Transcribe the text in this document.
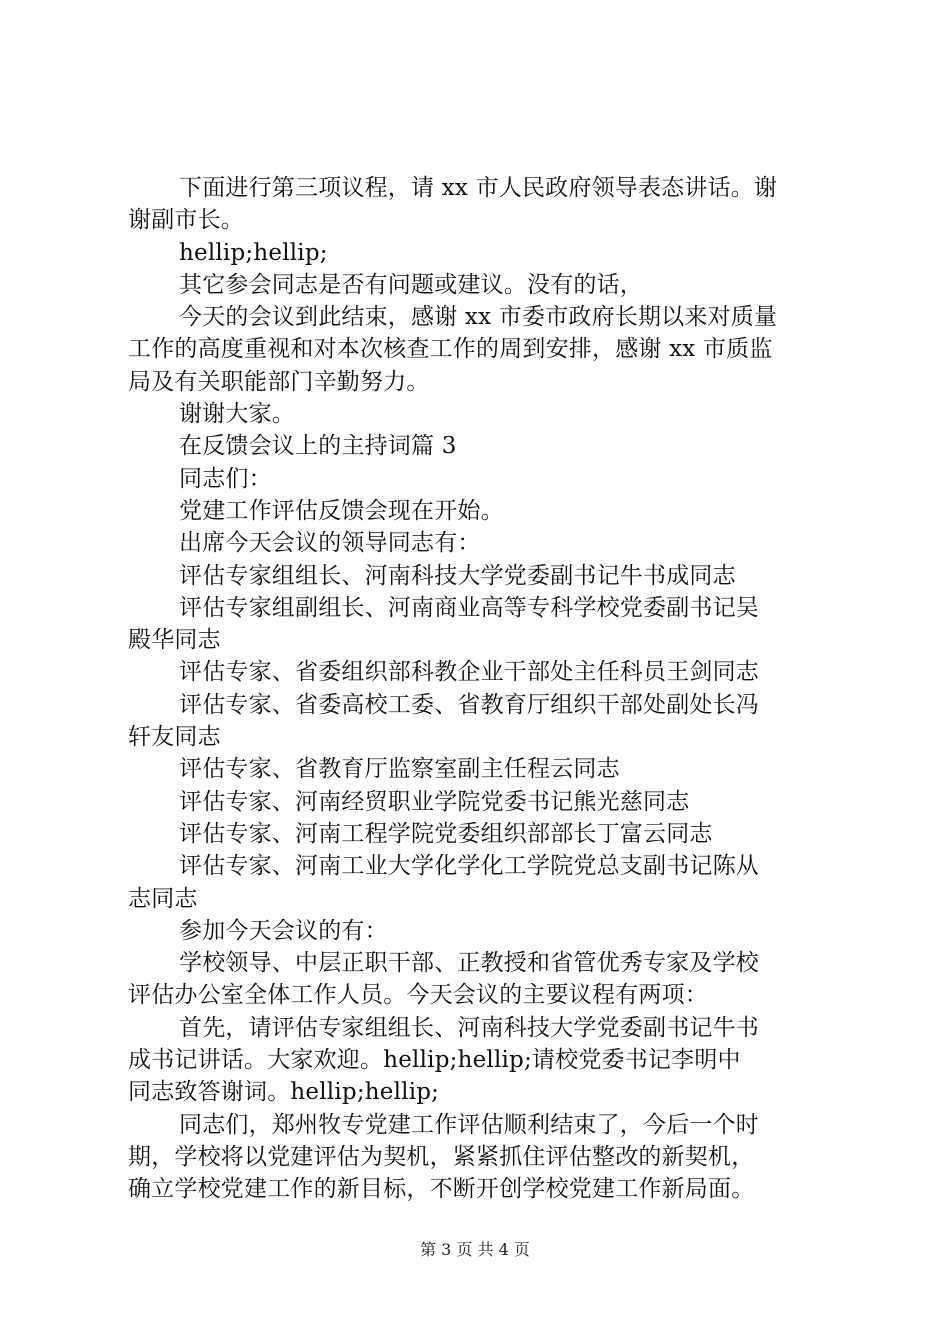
下面进行第三项议程，请 xx 市人民政府领导表态讲话。谢
谢副市长。
hellip;hellip;
其它参会同志是否有问题或建议。没有的话，
今天的会议到此结束，感谢 xx 市委市政府长期以来对质量
工作的高度重视和对本次核查工作的周到安排，感谢 xx 市质监
局及有关职能部门辛勤努力。
谢谢大家。
在反馈会议上的主持词篇 3
同志们：
党建工作评估反馈会现在开始。
出席今天会议的领导同志有：
评估专家组组长、河南科技大学党委副书记牛书成同志
评估专家组副组长、河南商业高等专科学校党委副书记吴
殿华同志
评估专家、省委组织部科教企业干部处主任科员王剑同志
评估专家、省委高校工委、省教育厅组织干部处副处长冯
轩友同志
评估专家、省教育厅监察室副主任程云同志
评估专家、河南经贸职业学院党委书记熊光慈同志
评估专家、河南工程学院党委组织部部长丁富云同志
评估专家、河南工业大学化学化工学院党总支副书记陈从
志同志
参加今天会议的有：
学校领导、中层正职干部、正教授和省管优秀专家及学校
评估办公室全体工作人员。今天会议的主要议程有两项：
首先，请评估专家组组长、河南科技大学党委副书记牛书
成书记讲话。大家欢迎。hellip;hellip;请校党委书记李明中
同志致答谢词。hellip;hellip;
同志们，郑州牧专党建工作评估顺利结束了，今后一个时
期，学校将以党建评估为契机，紧紧抓住评估整改的新契机，
确立学校党建工作的新目标，不断开创学校党建工作新局面。
第 3 页 共 4 页
